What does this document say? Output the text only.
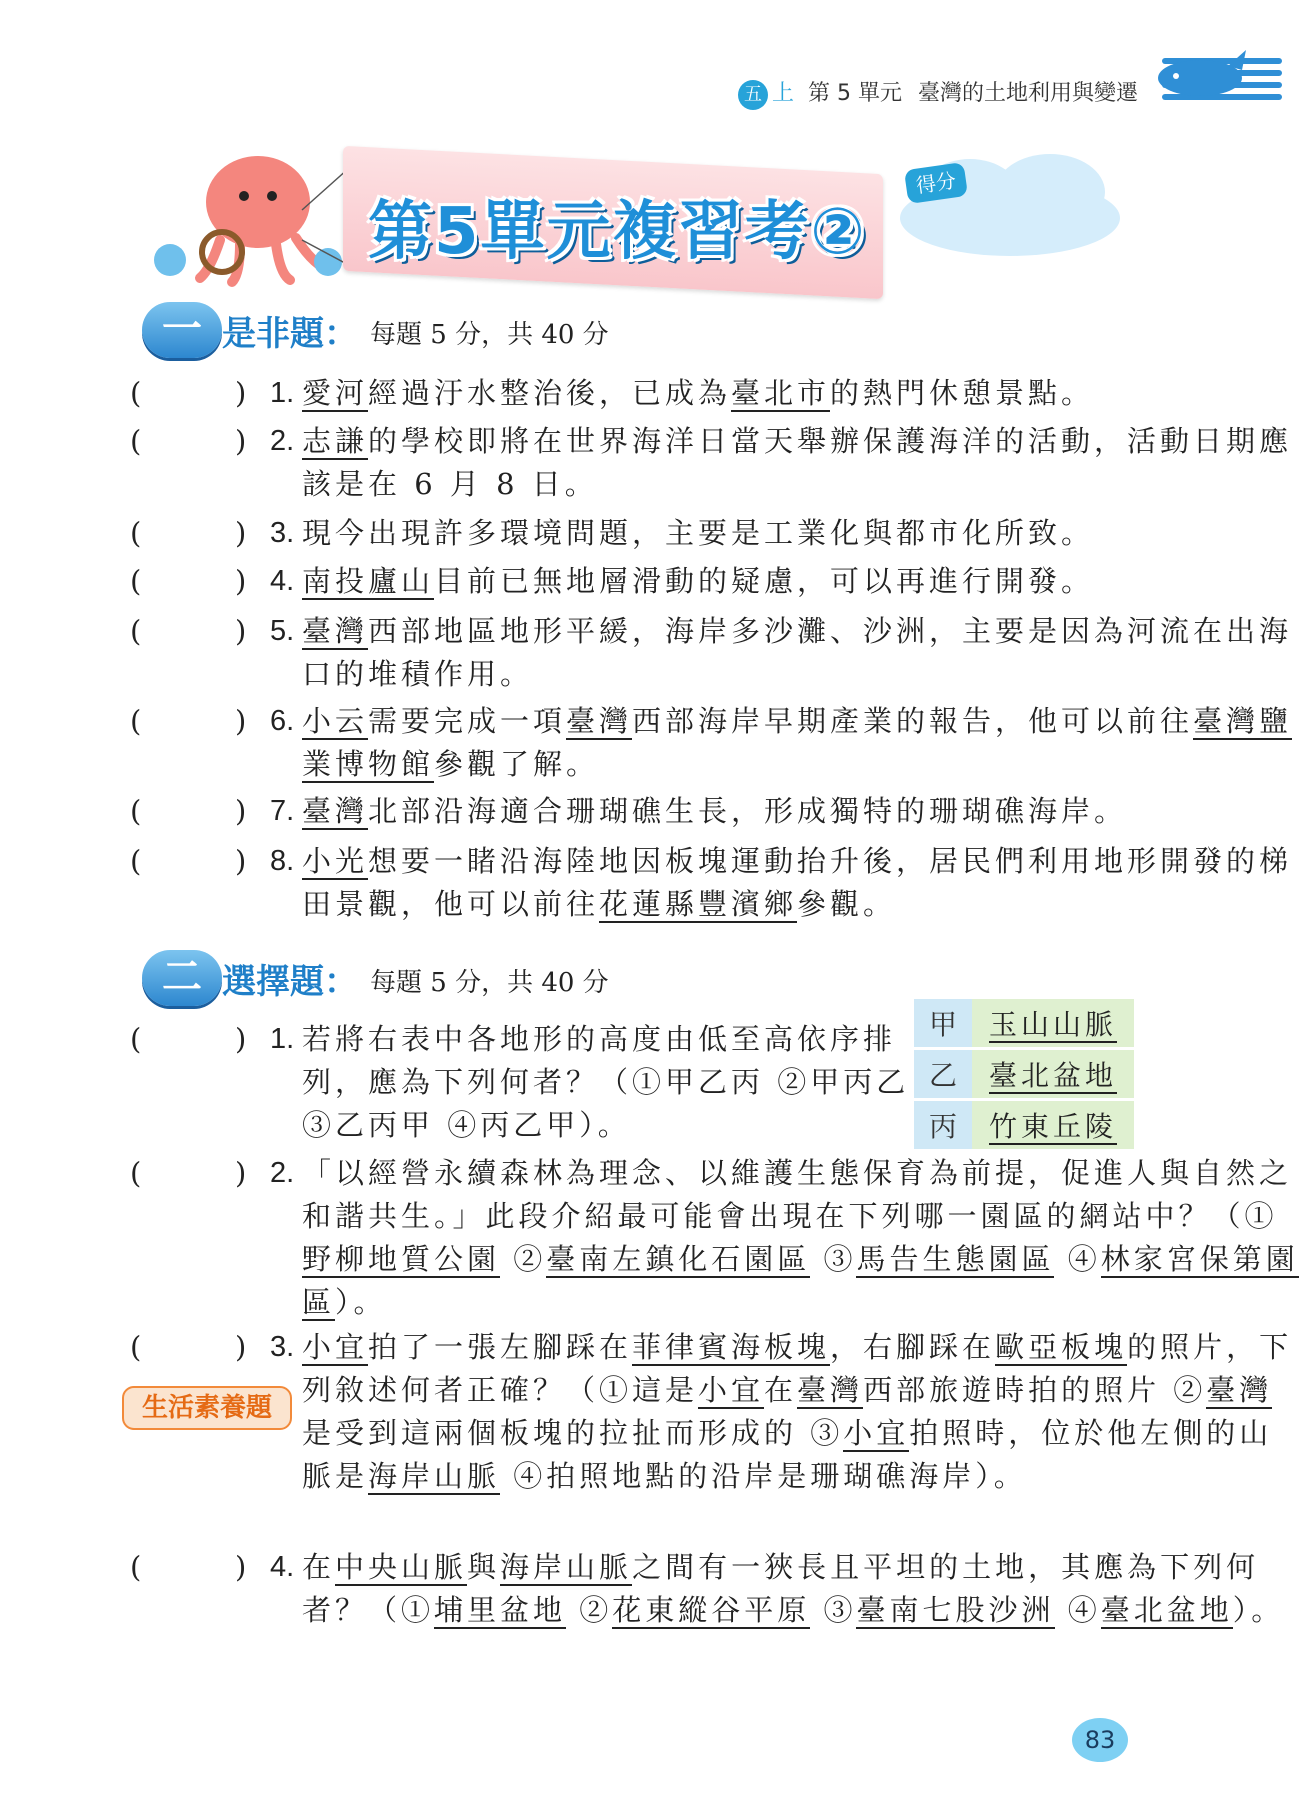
五 上 第 5 單元 臺灣的土地利用與變遷
第5單元複習考②
得分
一 是非題： 每題 5 分，共 40 分
(	) 1. 愛河經過汙水整治後，已成為臺北市的熱門休憩景點。
(	) 2. 志謙的學校即將在世界海洋日當天舉辦保護海洋的活動，活動日期應該是在 6 月 8 日。
(	) 3. 現今出現許多環境問題，主要是工業化與都市化所致。
(	) 4. 南投廬山目前已無地層滑動的疑慮，可以再進行開發。
(	) 5. 臺灣西部地區地形平緩，海岸多沙灘、沙洲，主要是因為河流在出海口的堆積作用。
(	) 6. 小云需要完成一項臺灣西部海岸早期產業的報告，他可以前往臺灣鹽業博物館參觀了解。
(	) 7. 臺灣北部沿海適合珊瑚礁生長，形成獨特的珊瑚礁海岸。
(	) 8. 小光想要一睹沿海陸地因板塊運動抬升後，居民們利用地形開發的梯田景觀，他可以前往花蓮縣豐濱鄉參觀。
二 選擇題： 每題 5 分，共 40 分
甲	玉山山脈
乙	臺北盆地
丙	竹東丘陵
生活素養題
(	) 1. 若將右表中各地形的高度由低至高依序排列，應為下列何者？（①甲乙丙 ②甲丙乙 ③乙丙甲 ④丙乙甲）。
(	) 2. 「以經營永續森林為理念、以維護生態保育為前提，促進人與自然之和諧共生。」此段介紹最可能會出現在下列哪一園區的網站中？（①野柳地質公園 ②臺南左鎮化石園區 ③馬告生態園區 ④林家宮保第園區）。
(	) 3. 小宜拍了一張左腳踩在菲律賓海板塊，右腳踩在歐亞板塊的照片，下列敘述何者正確？（①這是小宜在臺灣西部旅遊時拍的照片 ②臺灣是受到這兩個板塊的拉扯而形成的 ③小宜拍照時，位於他左側的山脈是海岸山脈 ④拍照地點的沿岸是珊瑚礁海岸）。
(	) 4. 在中央山脈與海岸山脈之間有一狹長且平坦的土地，其應為下列何者？（①埔里盆地 ②花東縱谷平原 ③臺南七股沙洲 ④臺北盆地）。
83
